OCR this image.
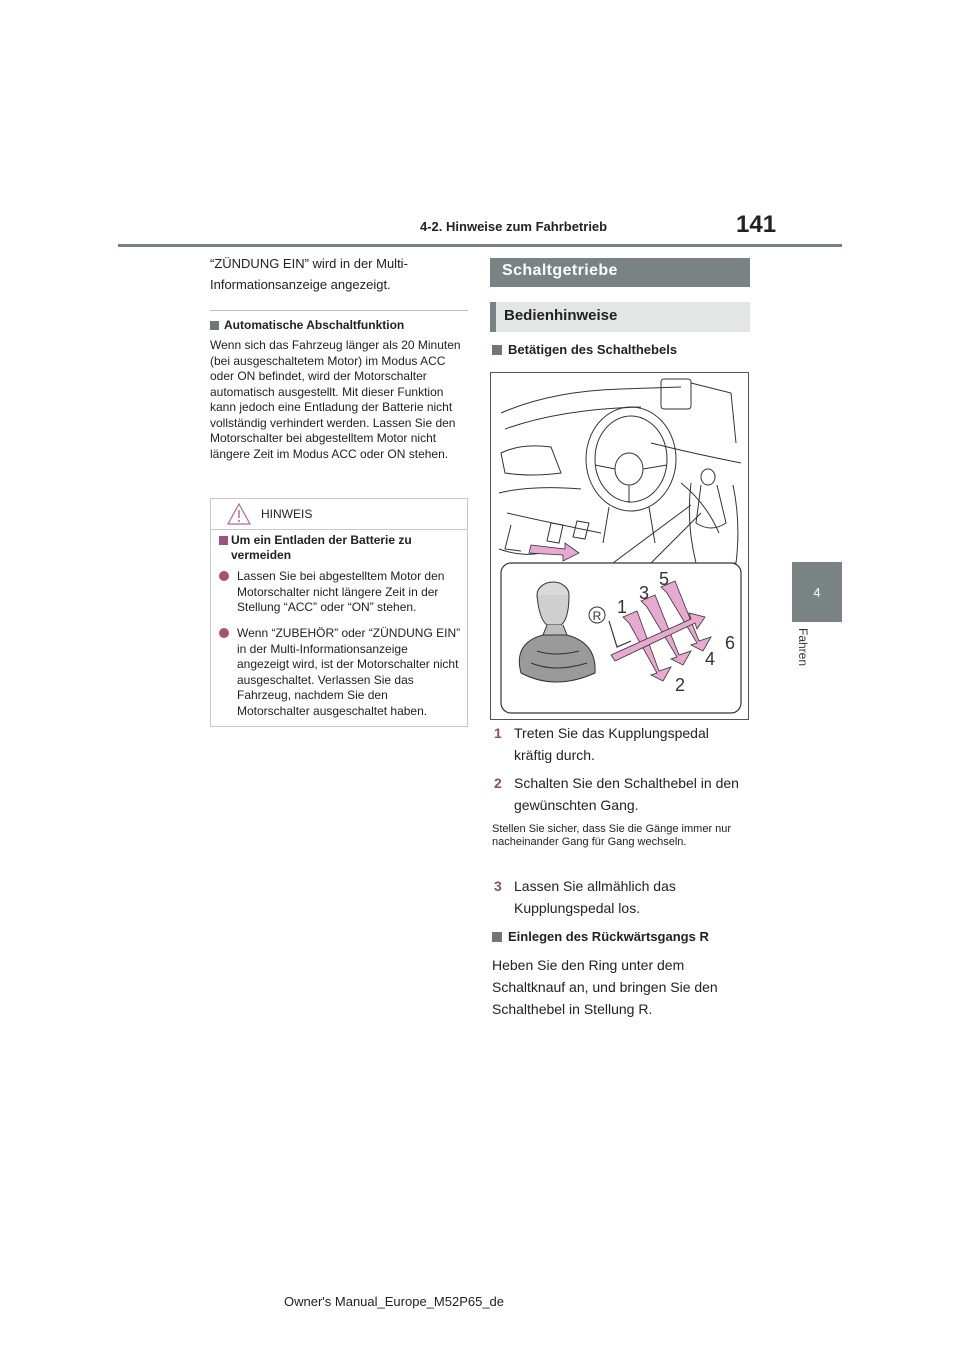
4-2. Hinweise zum Fahrbetrieb	141
4
Fahren
“ZÜNDUNG EIN” wird in der Multi-Informationsanzeige angezeigt.
Automatische Abschaltfunktion
Wenn sich das Fahrzeug länger als 20 Minuten (bei ausgeschaltetem Motor) im Modus ACC oder ON befindet, wird der Motorschalter automatisch ausgestellt. Mit dieser Funktion kann jedoch eine Entladung der Batterie nicht vollständig verhindert werden. Lassen Sie den Motorschalter bei abgestelltem Motor nicht längere Zeit im Modus ACC oder ON stehen.
HINWEIS
Um ein Entladen der Batterie zu vermeiden
Lassen Sie bei abgestelltem Motor den Motorschalter nicht längere Zeit in der Stellung “ACC” oder “ON” stehen.
Wenn “ZUBEHÖR” oder “ZÜNDUNG EIN” in der Multi-Informationsanzeige angezeigt wird, ist der Motorschalter nicht ausgeschaltet. Verlassen Sie das Fahrzeug, nachdem Sie den Motorschalter ausgeschaltet haben.
Schaltgetriebe
Bedienhinweise
Betätigen des Schalthebels
R 1
3
5
2
4
6
1 Treten Sie das Kupplungspedal kräftig durch.
2 Schalten Sie den Schalthebel in den gewünschten Gang.
Stellen Sie sicher, dass Sie die Gänge immer nur nacheinander Gang für Gang wechseln.
3 Lassen Sie allmählich das Kupplungspedal los.
Einlegen des Rückwärtsgangs R
Heben Sie den Ring unter dem Schaltknauf an, und bringen Sie den Schalthebel in Stellung R.
Owner's Manual_Europe_M52P65_de
